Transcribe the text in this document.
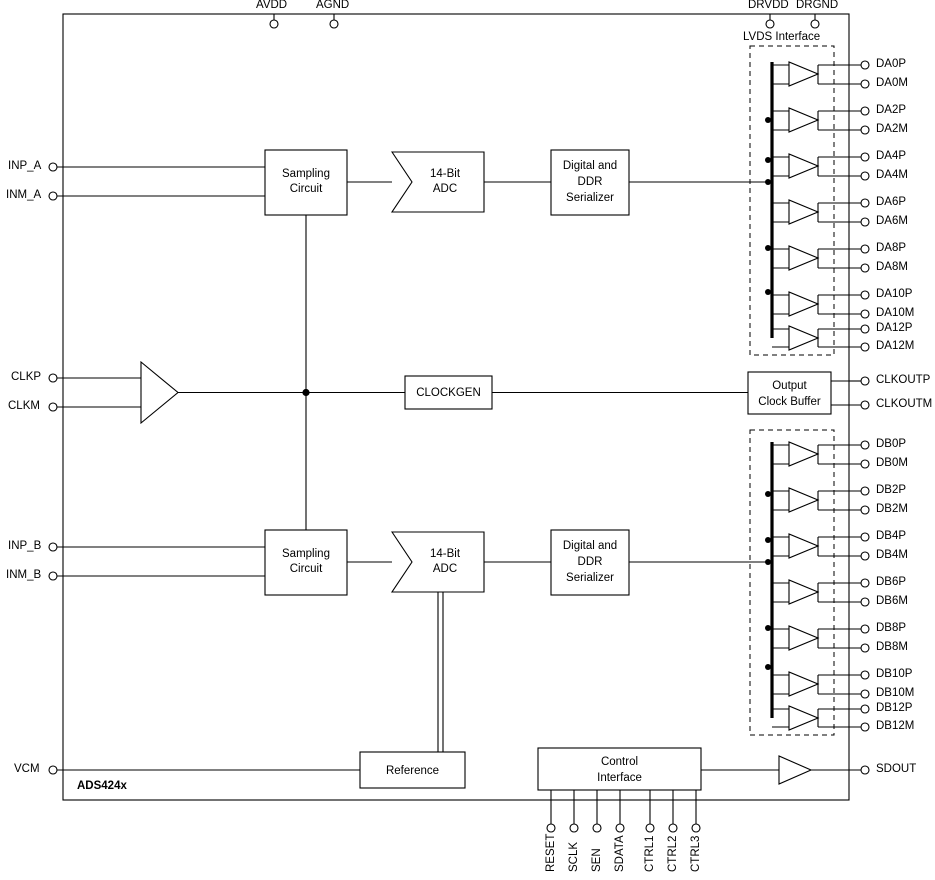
AVDD	AGND	DRVDD DRGND
INP_A
INM_A
CLKP
CLKM
INP_B
INM_B
VCM
ADS424x
LVDS Interface
Sampling
Circuit
14-Bit
ADC
Digital and
DDR
Serializer
CLOCKGEN
Output
Clock Buffer
Sampling
Circuit
14-Bit
ADC
Digital and
DDR
Serializer
Reference
Control
Interface
DA0P
DA0M
DA2P
DA2M
DA4P
DA4M
DA6P
DA6M
DA8P
DA8M
DA10P
DA10M
DA12P
DA12M
CLKOUTP
CLKOUTM
DB0P
DB0M
DB2P
DB2M
DB4P
DB4M
DB6P
DB6M
DB8P
DB8M
DB10P
DB10M
DB12P
DB12M
SDOUT
RESET SCLK SEN SDATA CTRL1 CTRL2 CTRL3
